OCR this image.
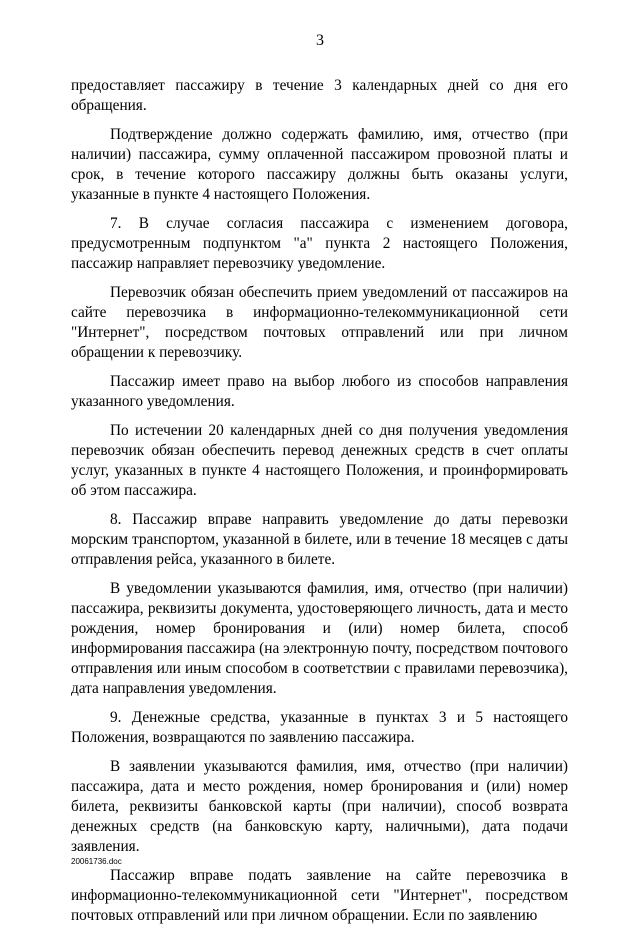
3

предоставляет пассажиру в течение 3 календарных дней со дня его обращения.

Подтверждение должно содержать фамилию, имя, отчество (при наличии) пассажира, сумму оплаченной пассажиром провозной платы и срок, в течение которого пассажиру должны быть оказаны услуги, указанные в пункте 4 настоящего Положения.

7. В случае согласия пассажира с изменением договора, предусмотренным подпунктом "а" пункта 2 настоящего Положения, пассажир направляет перевозчику уведомление.

Перевозчик обязан обеспечить прием уведомлений от пассажиров на сайте перевозчика в информационно-телекоммуникационной сети "Интернет", посредством почтовых отправлений или при личном обращении к перевозчику.

Пассажир имеет право на выбор любого из способов направления указанного уведомления.

По истечении 20 календарных дней со дня получения уведомления перевозчик обязан обеспечить перевод денежных средств в счет оплаты услуг, указанных в пункте 4 настоящего Положения, и проинформировать об этом пассажира.

8. Пассажир вправе направить уведомление до даты перевозки морским транспортом, указанной в билете, или в течение 18 месяцев с даты отправления рейса, указанного в билете.

В уведомлении указываются фамилия, имя, отчество (при наличии) пассажира, реквизиты документа, удостоверяющего личность, дата и место рождения, номер бронирования и (или) номер билета, способ информирования пассажира (на электронную почту, посредством почтового отправления или иным способом в соответствии с правилами перевозчика), дата направления уведомления.

9. Денежные средства, указанные в пунктах 3 и 5 настоящего Положения, возвращаются по заявлению пассажира.

В заявлении указываются фамилия, имя, отчество (при наличии) пассажира, дата и место рождения, номер бронирования и (или) номер билета, реквизиты банковской карты (при наличии), способ возврата денежных средств (на банковскую карту, наличными), дата подачи заявления.

Пассажир вправе подать заявление на сайте перевозчика в информационно-телекоммуникационной сети "Интернет", посредством почтовых отправлений или при личном обращении. Если по заявлению

20061736.doc
